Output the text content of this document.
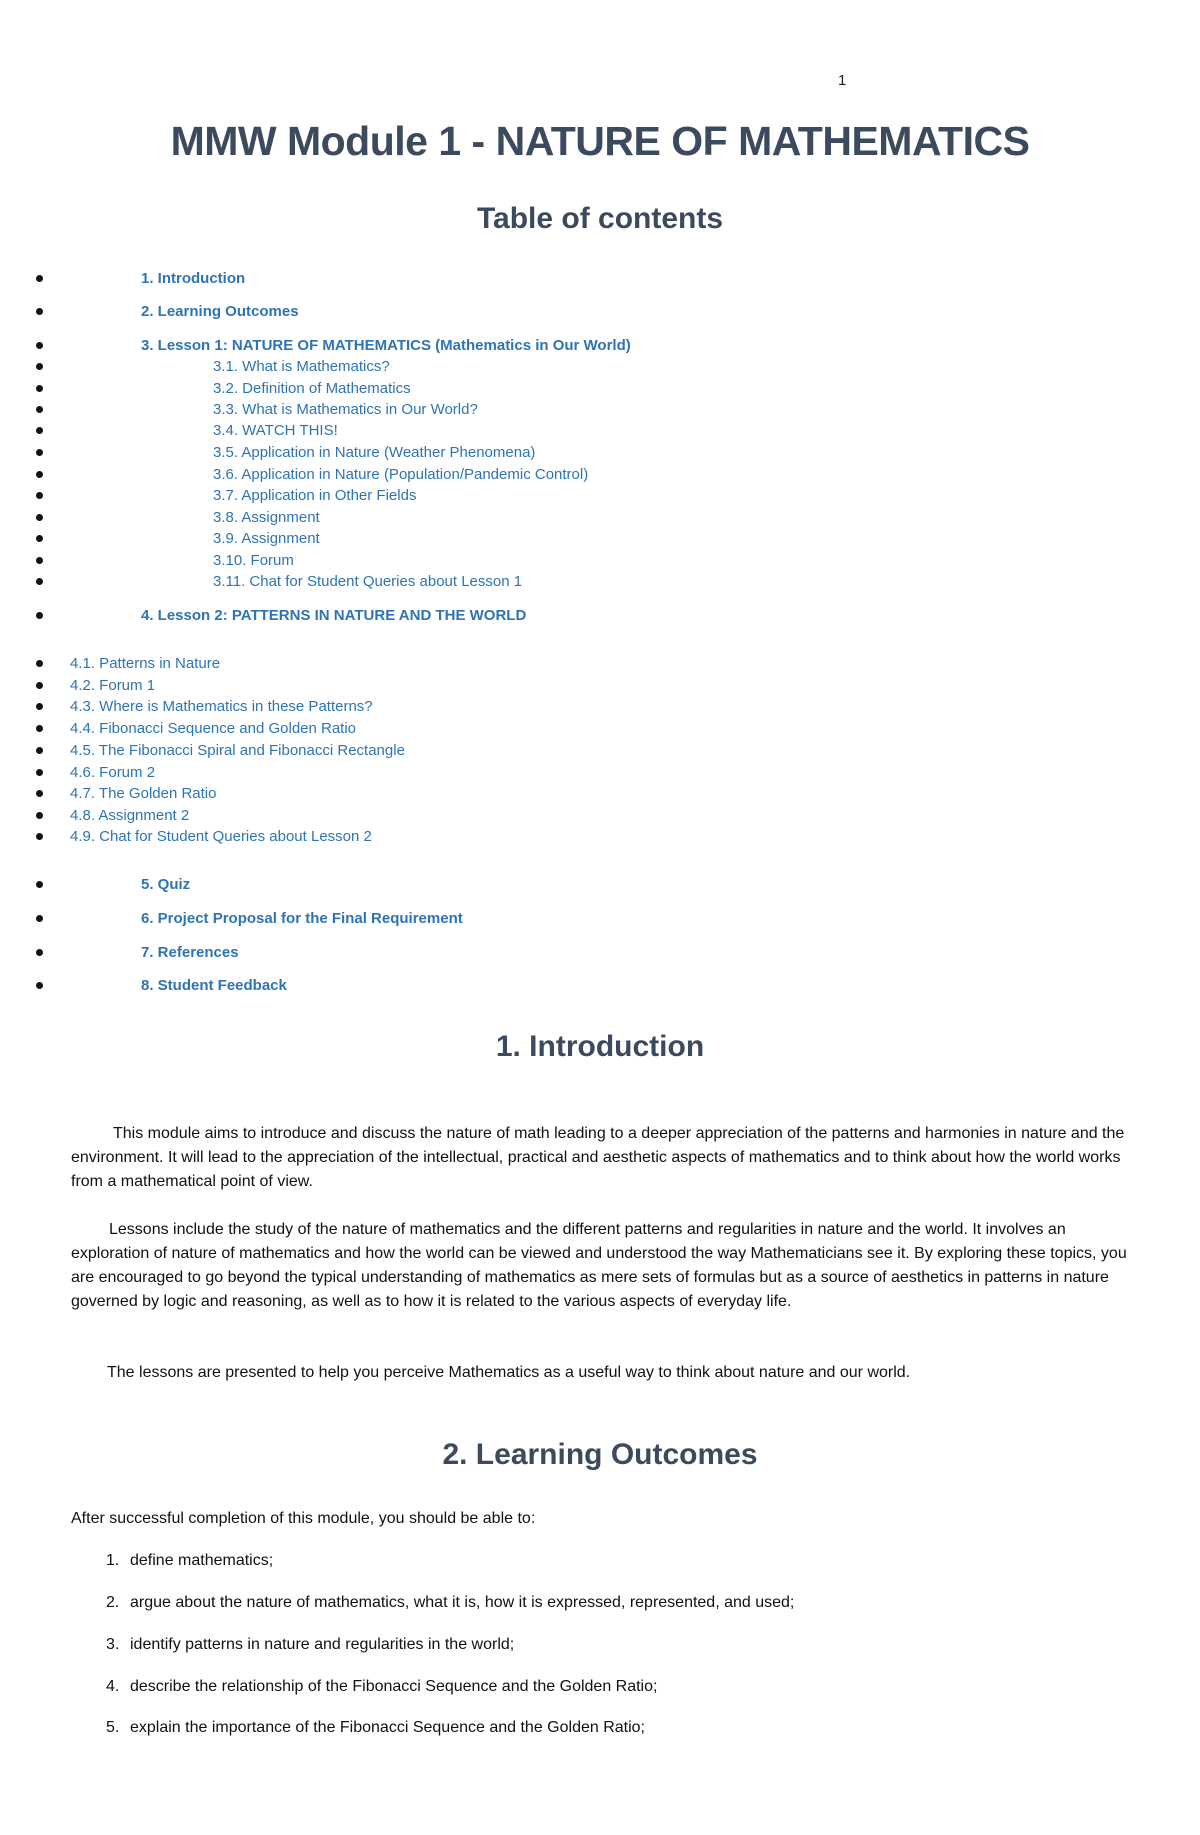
1
MMW Module 1 - NATURE OF MATHEMATICS
Table of contents
1. Introduction
2. Learning Outcomes
3. Lesson 1: NATURE OF MATHEMATICS (Mathematics in Our World)
3.1. What is Mathematics?
3.2. Definition of Mathematics
3.3. What is Mathematics in Our World?
3.4. WATCH THIS!
3.5. Application in Nature (Weather Phenomena)
3.6. Application in Nature (Population/Pandemic Control)
3.7. Application in Other Fields
3.8. Assignment
3.9. Assignment
3.10. Forum
3.11. Chat for Student Queries about Lesson 1
4. Lesson 2: PATTERNS IN NATURE AND THE WORLD
4.1. Patterns in Nature
4.2. Forum 1
4.3. Where is Mathematics in these Patterns?
4.4. Fibonacci Sequence and Golden Ratio
4.5. The Fibonacci Spiral and Fibonacci Rectangle
4.6. Forum 2
4.7. The Golden Ratio
4.8. Assignment 2
4.9. Chat for Student Queries about Lesson 2
5. Quiz
6. Project Proposal for the Final Requirement
7. References
8. Student Feedback
1. Introduction

This module aims to introduce and discuss the nature of math leading to a deeper appreciation of the patterns and harmonies in nature and the environment. It will lead to the appreciation of the intellectual, practical and aesthetic aspects of mathematics and to think about how the world works from a mathematical point of view.

Lessons include the study of the nature of mathematics and the different patterns and regularities in nature and the world. It involves an exploration of nature of mathematics and how the world can be viewed and understood the way Mathematicians see it. By exploring these topics, you are encouraged to go beyond the typical understanding of mathematics as mere sets of formulas but as a source of aesthetics in patterns in nature governed by logic and reasoning, as well as to how it is related to the various aspects of everyday life.

The lessons are presented to help you perceive Mathematics as a useful way to think about nature and our world.

2. Learning Outcomes
After successful completion of this module, you should be able to:
1. define mathematics;
2. argue about the nature of mathematics, what it is, how it is expressed, represented, and used;
3. identify patterns in nature and regularities in the world;
4. describe the relationship of the Fibonacci Sequence and the Golden Ratio;
5. explain the importance of the Fibonacci Sequence and the Golden Ratio;
